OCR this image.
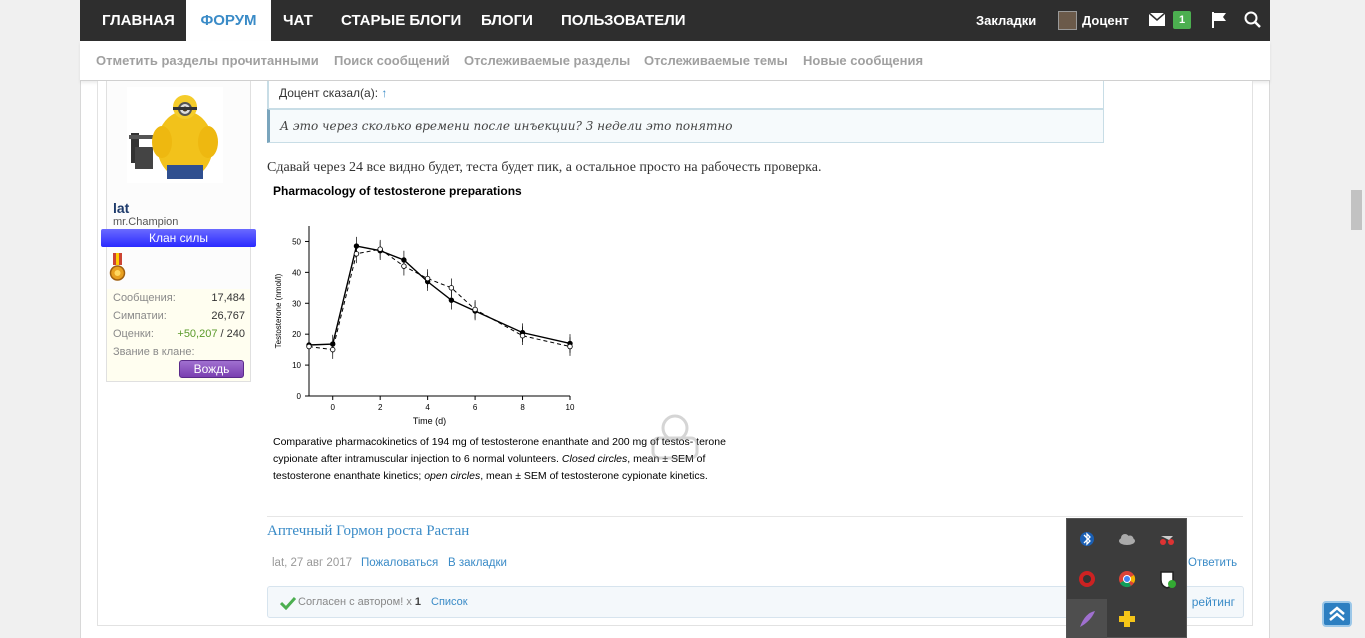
ГЛАВНАЯ	ФОРУМ	ЧАТ СТАРЫЕ БЛОГИ БЛОГИ ПОЛЬЗОВАТЕЛИ	Закладки	Доцент	1
Отметить разделы прочитанными Поиск сообщений Отслеживаемые разделы Отслеживаемые темы Новые сообщения
lat
mr.Champion
Клан силы
Сообщения:	17,484
Симпатии:	26,767
Оценки: +50,207 / 240
Звание в клане:
Вождь
Доцент сказал(а): ↑
А это через сколько времени после инъекции? 3 недели это понятно
Сдавай через 24 все видно будет, теста будет пик, а остальное просто на рабочесть проверка.
Pharmacology of testosterone preparations
0
10
20
30
40
50
0	2	4	6	8	10
Time (d)
Testosterone (nmol/l)
Comparative pharmacokinetics of 194 mg of testosterone enanthate and 200 mg of testos- terone cypionate after intramuscular injection to 6 normal volunteers. Closed circles, mean ± SEM of testosterone enanthate kinetics; open circles, mean ± SEM of testosterone cypionate kinetics.
Аптечный Гормон роста Растан
lat, 27 авг 2017 Пожаловаться В закладки	Ответить
Согласен с автором! x 1 Список	рейтинг
